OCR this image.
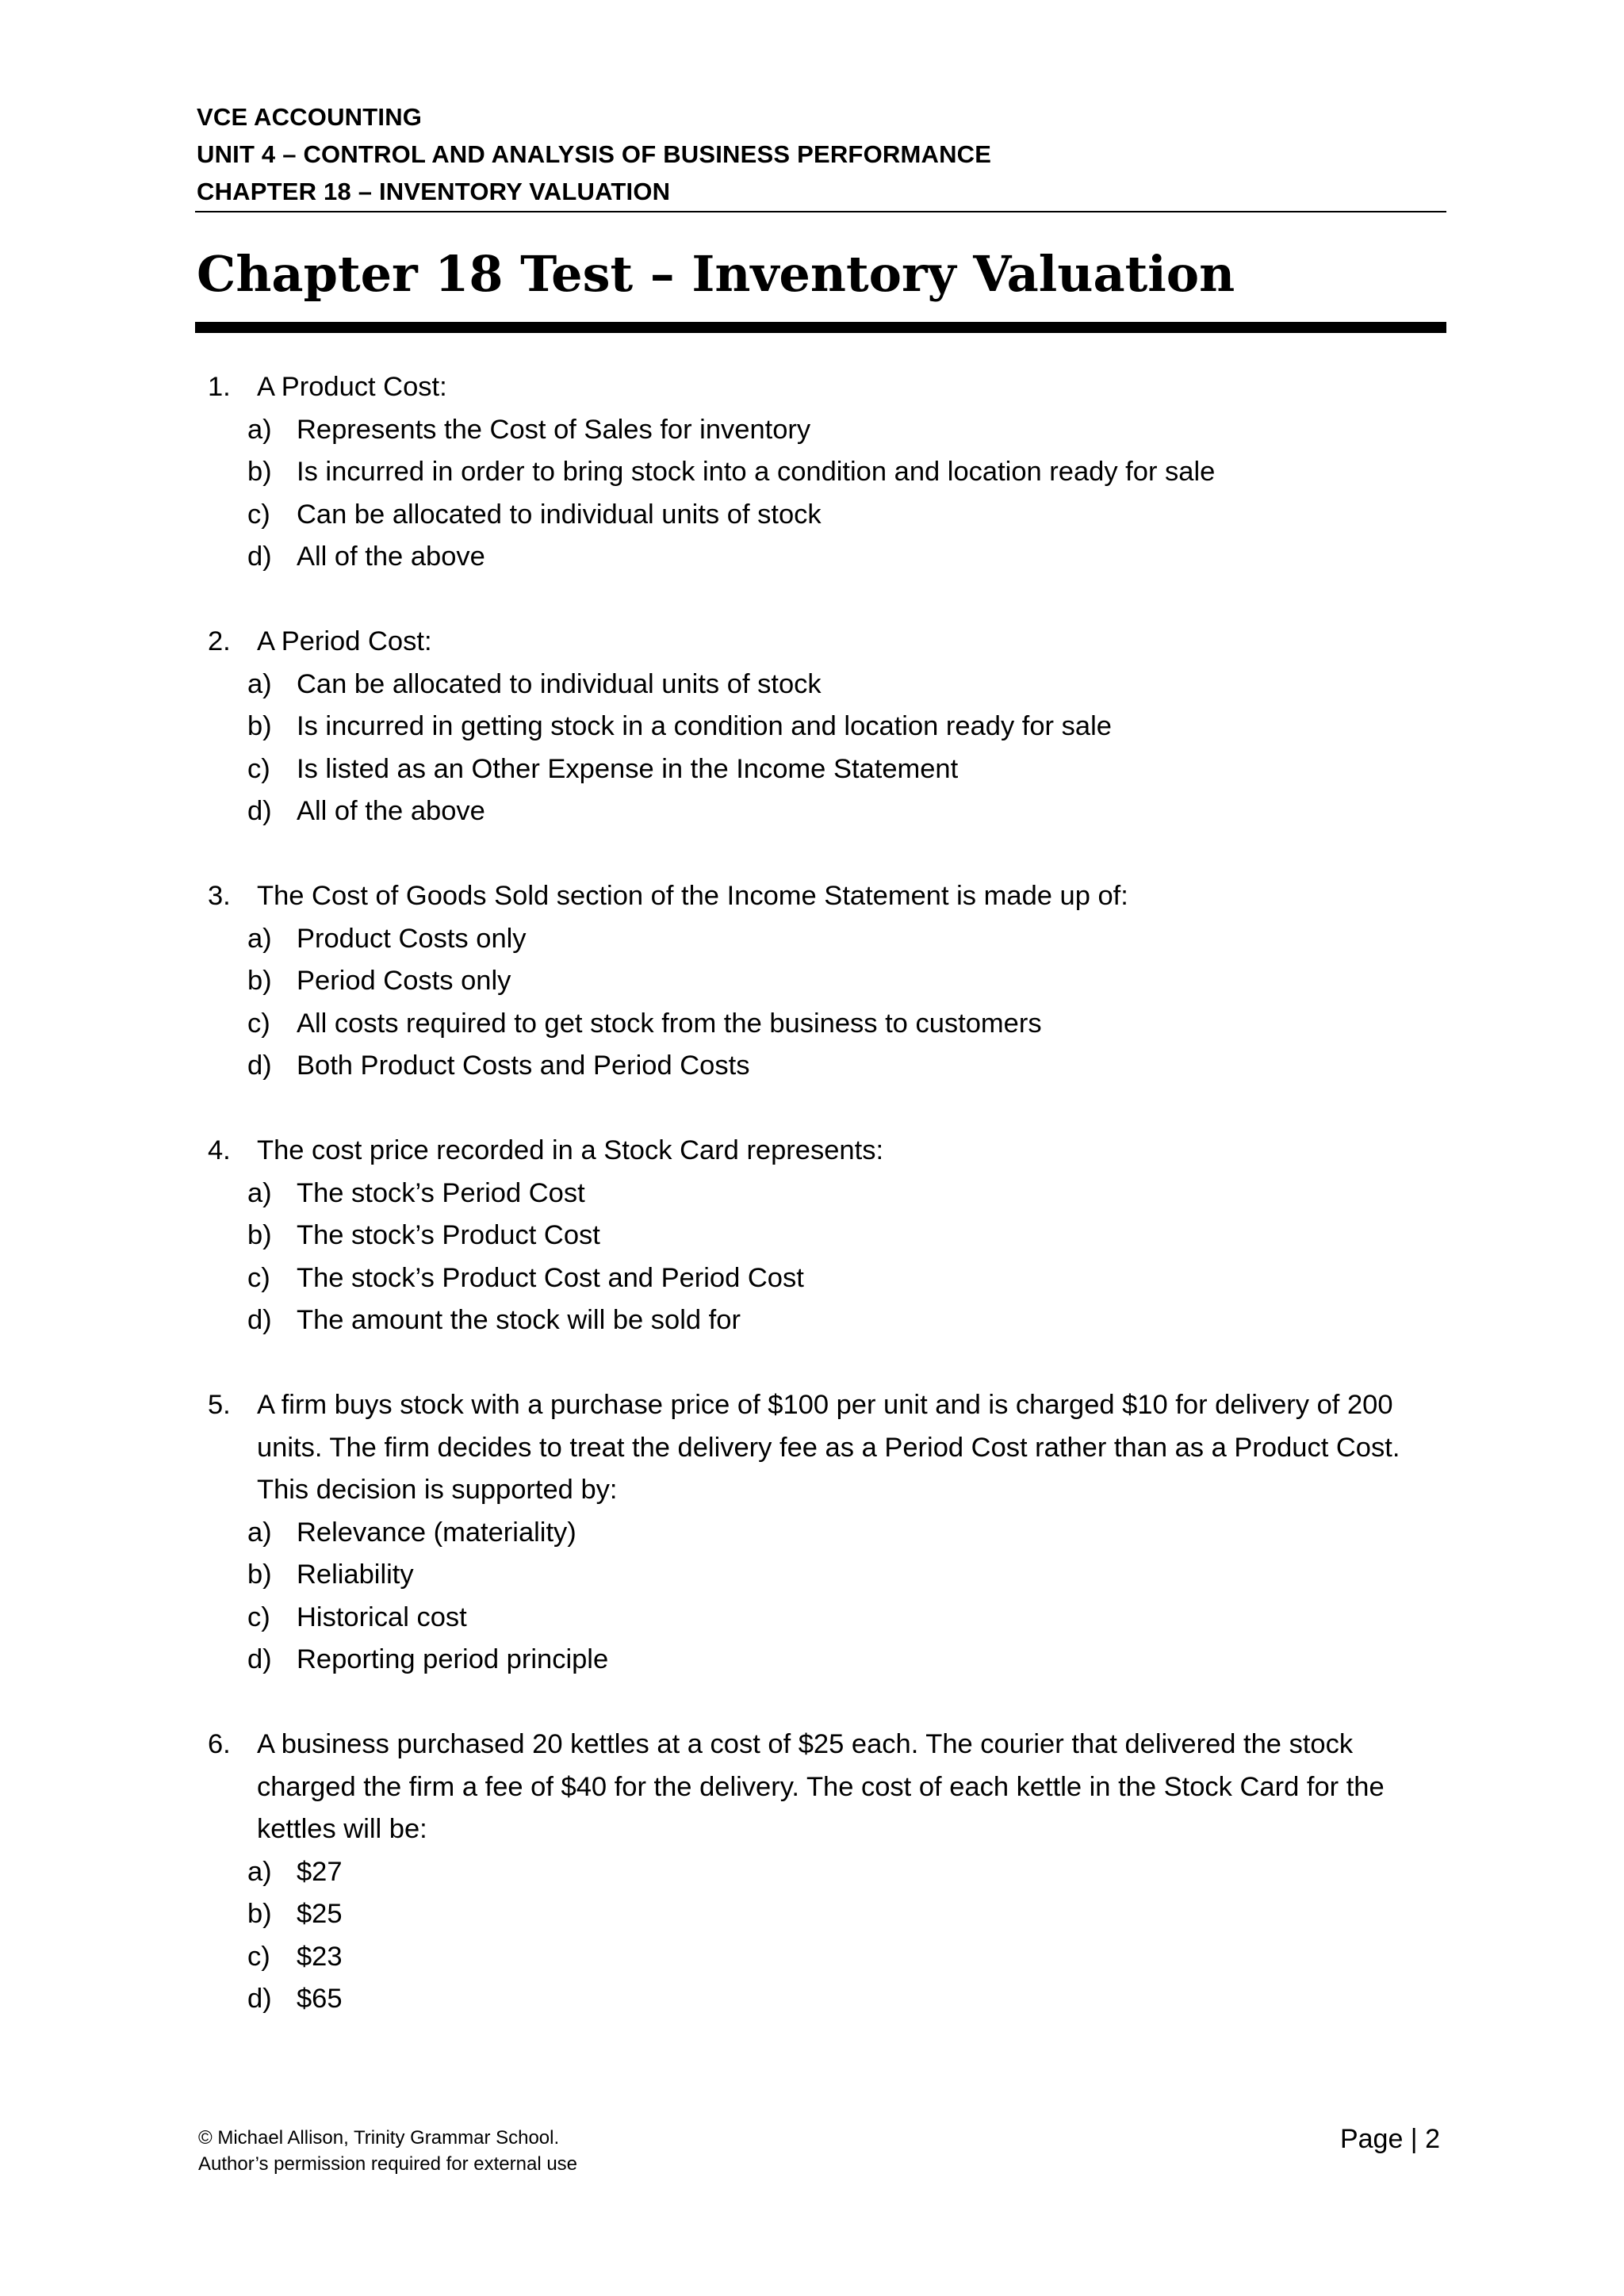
VCE ACCOUNTING
UNIT 4 – CONTROL AND ANALYSIS OF BUSINESS PERFORMANCE
CHAPTER 18 – INVENTORY VALUATION
Chapter 18 Test – Inventory Valuation
1. A Product Cost:
a) Represents the Cost of Sales for inventory
b) Is incurred in order to bring stock into a condition and location ready for sale
c) Can be allocated to individual units of stock
d) All of the above
2. A Period Cost:
a) Can be allocated to individual units of stock
b) Is incurred in getting stock in a condition and location ready for sale
c) Is listed as an Other Expense in the Income Statement
d) All of the above
3. The Cost of Goods Sold section of the Income Statement is made up of:
a) Product Costs only
b) Period Costs only
c) All costs required to get stock from the business to customers
d) Both Product Costs and Period Costs
4. The cost price recorded in a Stock Card represents:
a) The stock’s Period Cost
b) The stock’s Product Cost
c) The stock’s Product Cost and Period Cost
d) The amount the stock will be sold for
5. A firm buys stock with a purchase price of $100 per unit and is charged $10 for delivery of 200 units. The firm decides to treat the delivery fee as a Period Cost rather than as a Product Cost. This decision is supported by:
a) Relevance (materiality)
b) Reliability
c) Historical cost
d) Reporting period principle
6. A business purchased 20 kettles at a cost of $25 each. The courier that delivered the stock charged the firm a fee of $40 for the delivery. The cost of each kettle in the Stock Card for the kettles will be:
a) $27
b) $25
c) $23
d) $65
© Michael Allison, Trinity Grammar School.
Author’s permission required for external use
Page | 2
